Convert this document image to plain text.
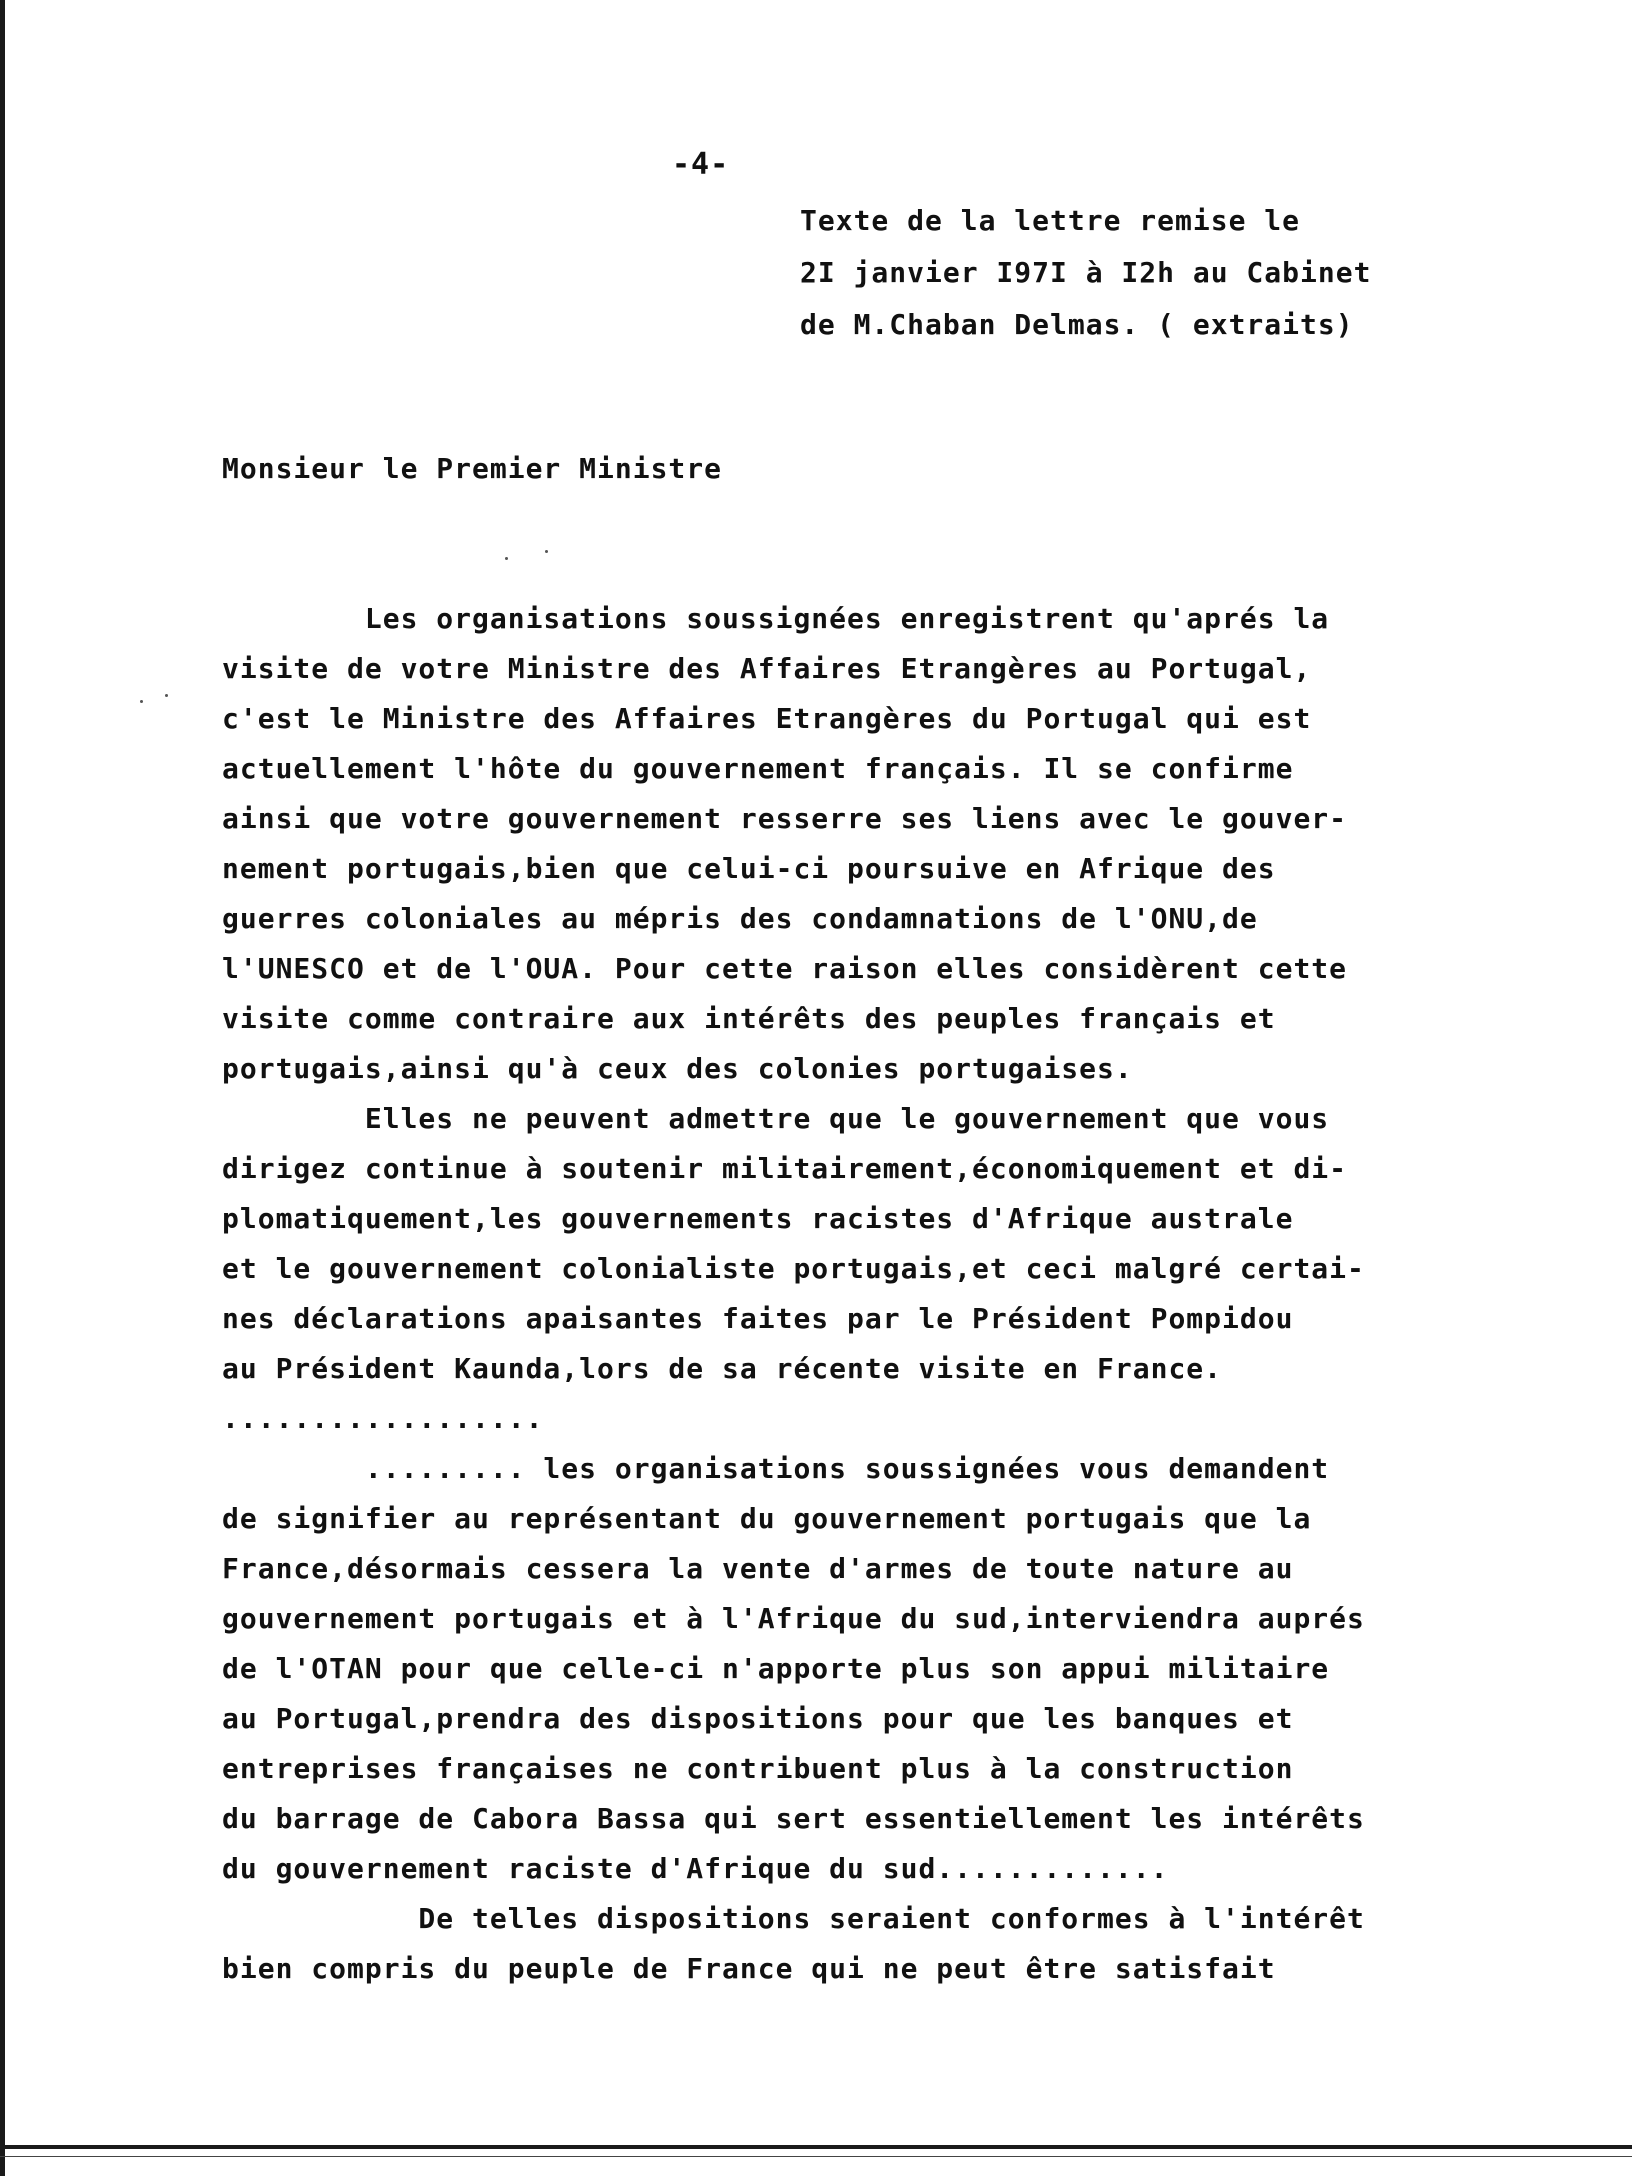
-4-
Texte de la lettre remise le
2I janvier I97I à I2h au Cabinet
de M.Chaban Delmas. ( extraits)
Monsieur le Premier Ministre
Les organisations soussignées enregistrent qu'aprés la
visite de votre Ministre des Affaires Etrangères au Portugal,
c'est le Ministre des Affaires Etrangères du Portugal qui est
actuellement l'hôte du gouvernement français. Il se confirme
ainsi que votre gouvernement resserre ses liens avec le gouver-
nement portugais,bien que celui-ci poursuive en Afrique des
guerres coloniales au mépris des condamnations de l'ONU,de
l'UNESCO et de l'OUA. Pour cette raison elles considèrent cette
visite comme contraire aux intérêts des peuples français et
portugais,ainsi qu'à ceux des colonies portugaises.
Elles ne peuvent admettre que le gouvernement que vous
dirigez continue à soutenir militairement,économiquement et di-
plomatiquement,les gouvernements racistes d'Afrique australe
et le gouvernement colonialiste portugais,et ceci malgré certai-
nes déclarations apaisantes faites par le Président Pompidou
au Président Kaunda,lors de sa récente visite en France.
..................
......... les organisations soussignées vous demandent
de signifier au représentant du gouvernement portugais que la
France,désormais cessera la vente d'armes de toute nature au
gouvernement portugais et à l'Afrique du sud,interviendra auprés
de l'OTAN pour que celle-ci n'apporte plus son appui militaire
au Portugal,prendra des dispositions pour que les banques et
entreprises françaises ne contribuent plus à la construction
du barrage de Cabora Bassa qui sert essentiellement les intérêts
du gouvernement raciste d'Afrique du sud.............
De telles dispositions seraient conformes à l'intérêt
bien compris du peuple de France qui ne peut être satisfait
